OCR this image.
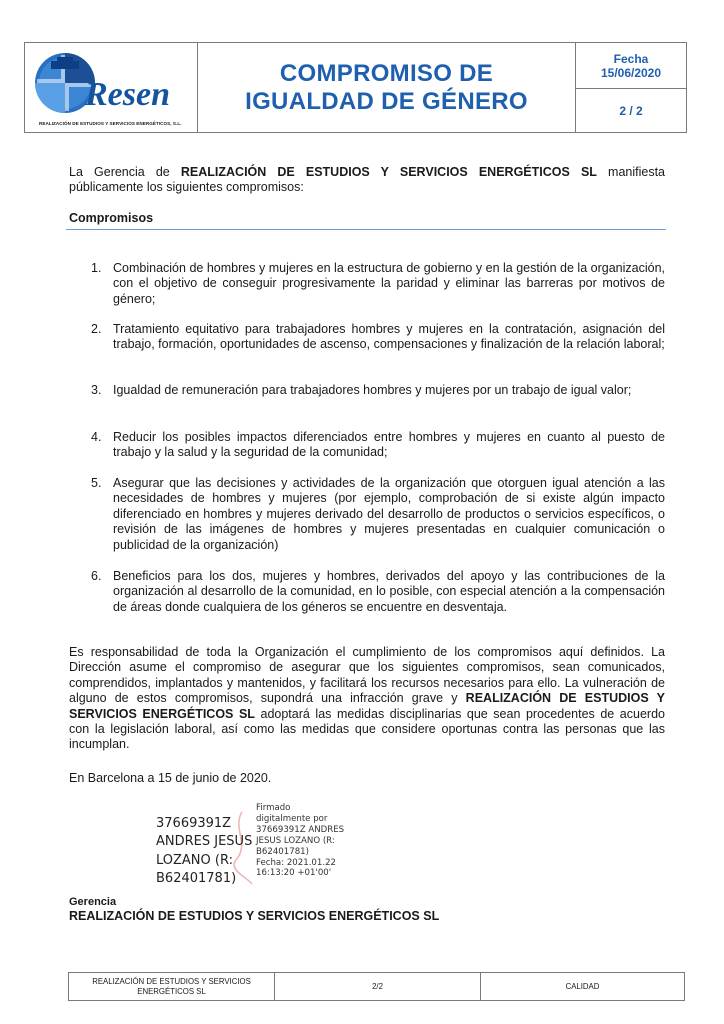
Resen
REALIZACIÓN DE ESTUDIOS Y SERVICIOS ENERGÉTICOS, S.L.
COMPROMISO DE
IGUALDAD DE GÉNERO
Fecha
15/06/2020
2 / 2
La Gerencia de REALIZACIÓN DE ESTUDIOS Y SERVICIOS ENERGÉTICOS SL manifiesta públicamente los siguientes compromisos:
Compromisos
1. Combinación de hombres y mujeres en la estructura de gobierno y en la gestión de la organización, con el objetivo de conseguir progresivamente la paridad y eliminar las barreras por motivos de género;
2. Tratamiento equitativo para trabajadores hombres y mujeres en la contratación, asignación del trabajo, formación, oportunidades de ascenso, compensaciones y finalización de la relación laboral;
3. Igualdad de remuneración para trabajadores hombres y mujeres por un trabajo de igual valor;
4. Reducir los posibles impactos diferenciados entre hombres y mujeres en cuanto al puesto de trabajo y la salud y la seguridad de la comunidad;
5. Asegurar que las decisiones y actividades de la organización que otorguen igual atención a las necesidades de hombres y mujeres (por ejemplo, comprobación de si existe algún impacto diferenciado en hombres y mujeres derivado del desarrollo de productos o servicios específicos, o revisión de las imágenes de hombres y mujeres presentadas en cualquier comunicación o publicidad de la organización)
6. Beneficios para los dos, mujeres y hombres, derivados del apoyo y las contribuciones de la organización al desarrollo de la comunidad, en lo posible, con especial atención a la compensación de áreas donde cualquiera de los géneros se encuentre en desventaja.
Es responsabilidad de toda la Organización el cumplimiento de los compromisos aquí definidos. La Dirección asume el compromiso de asegurar que los siguientes compromisos, sean comunicados, comprendidos, implantados y mantenidos, y facilitará los recursos necesarios para ello. La vulneración de alguno de estos compromisos, supondrá una infracción grave y REALIZACIÓN DE ESTUDIOS Y SERVICIOS ENERGÉTICOS SL adoptará las medidas disciplinarias que sean procedentes de acuerdo con la legislación laboral, así como las medidas que considere oportunas contra las personas que las incumplan.
En Barcelona a 15 de junio de 2020.
37669391Z
ANDRES JESUS
LOZANO (R:
B62401781)
Firmado
digitalmente por
37669391Z ANDRES
JESUS LOZANO (R:
B62401781)
Fecha: 2021.01.22
16:13:20 +01'00'
Gerencia
REALIZACIÓN DE ESTUDIOS Y SERVICIOS ENERGÉTICOS SL
REALIZACIÓN DE ESTUDIOS Y SERVICIOS ENERGÉTICOS SL
2/2	CALIDAD
